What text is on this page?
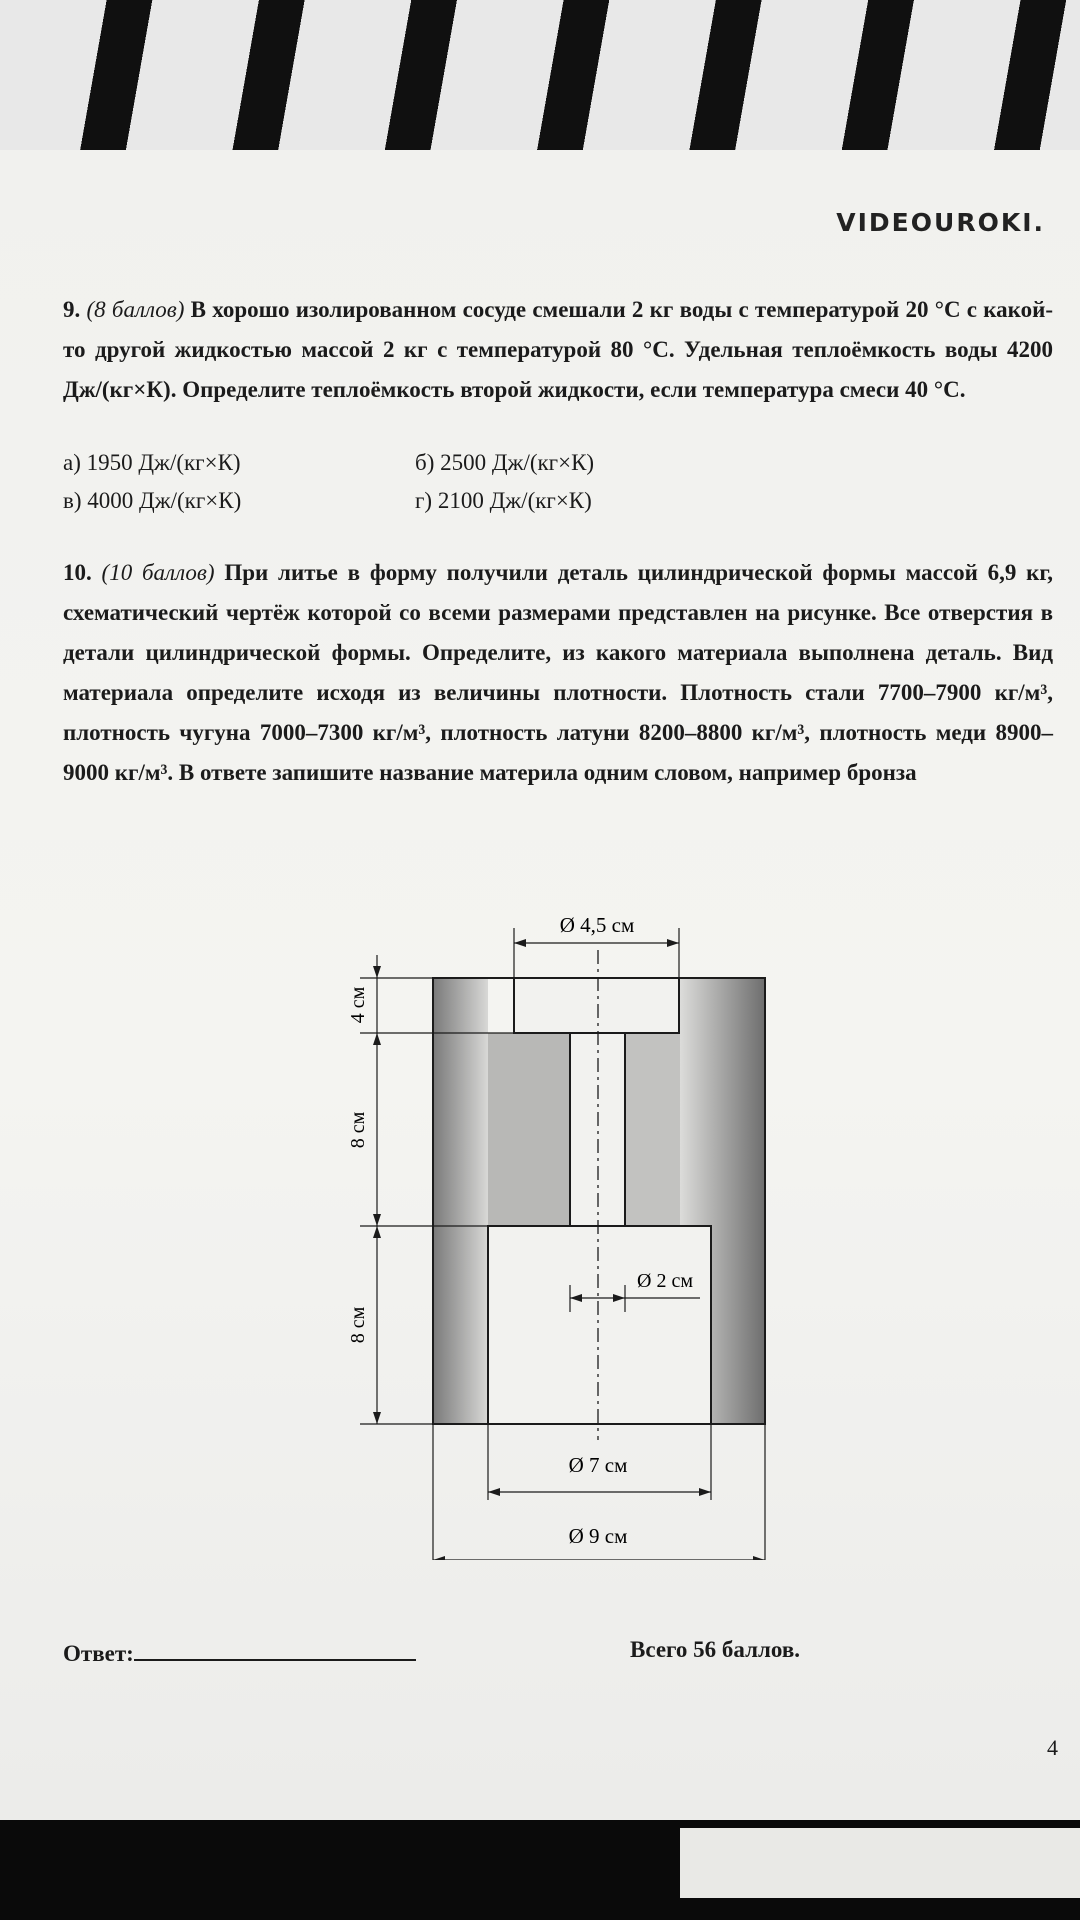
VIDEOUROKI.
9. (8 баллов) В хорошо изолированном сосуде смешали 2 кг воды с температурой 20 °С с какой-то другой жидкостью массой 2 кг с температурой 80 °С. Удельная теплоёмкость воды 4200 Дж/(кг×К). Определите теплоёмкость второй жидкости, если температура смеси 40 °С.
а) 1950 Дж/(кг×К)	б) 2500 Дж/(кг×К)
в) 4000 Дж/(кг×К)	г) 2100 Дж/(кг×К)
10. (10 баллов) При литье в форму получили деталь цилиндрической формы массой 6,9 кг, схематический чертёж которой со всеми размерами представлен на рисунке. Все отверстия в детали цилиндрической формы. Определите, из какого материала выполнена деталь. Вид материала определите исходя из величины плотности. Плотность стали 7700–7900 кг/м³, плотность чугуна 7000–7300 кг/м³, плотность латуни 8200–8800 кг/м³, плотность меди 8900–9000 кг/м³. В ответе запишите название материла одним словом, например бронза
Ø 4,5 см
4 см
8 см
8 см
Ø 2 см
Ø 7 см
Ø 9 см
Ответ:	Всего 56 баллов.
4
